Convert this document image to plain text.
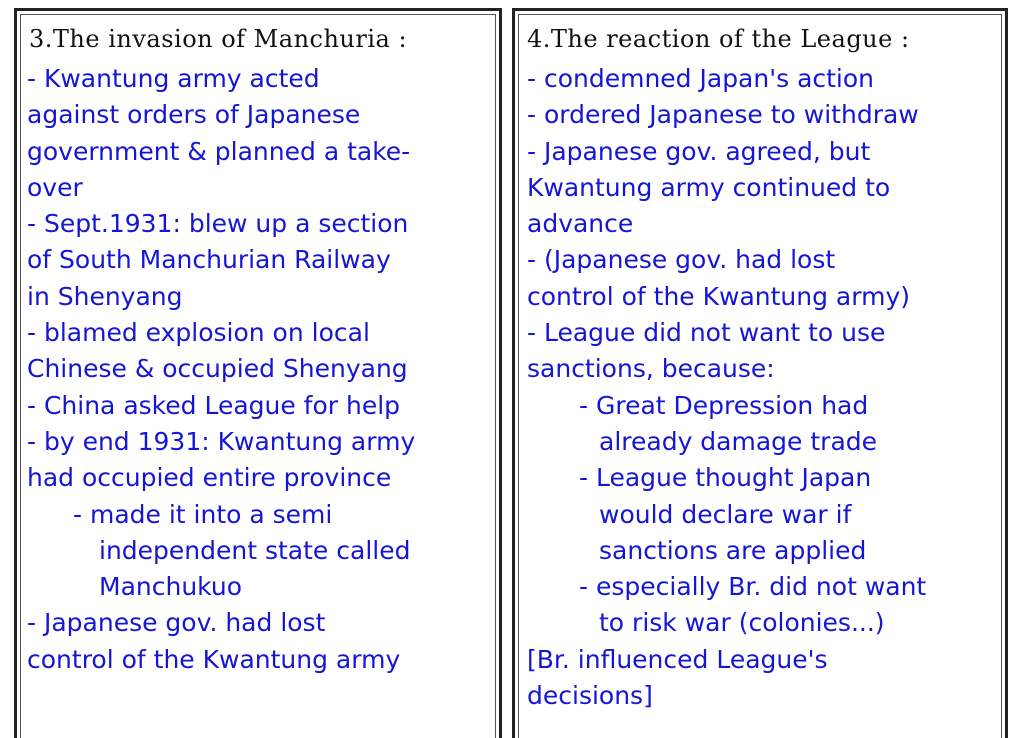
3.The invasion of Manchuria :
- Kwantung army acted
against orders of Japanese
government & planned a take-
over
- Sept.1931: blew up a section
of South Manchurian Railway
in Shenyang
- blamed explosion on local
Chinese & occupied Shenyang
- China asked League for help
- by end 1931: Kwantung army
had occupied entire province
- made it into a semi
independent state called
Manchukuo
- Japanese gov. had lost
control of the Kwantung army
4.The reaction of the League :
- condemned Japan's action
- ordered Japanese to withdraw
- Japanese gov. agreed, but
Kwantung army continued to
advance
- (Japanese gov. had lost
control of the Kwantung army)
- League did not want to use
sanctions, because:
- Great Depression had
already damage trade
- League thought Japan
would declare war if
sanctions are applied
- especially Br. did not want
to risk war (colonies...)
[Br. influenced League's
decisions]
